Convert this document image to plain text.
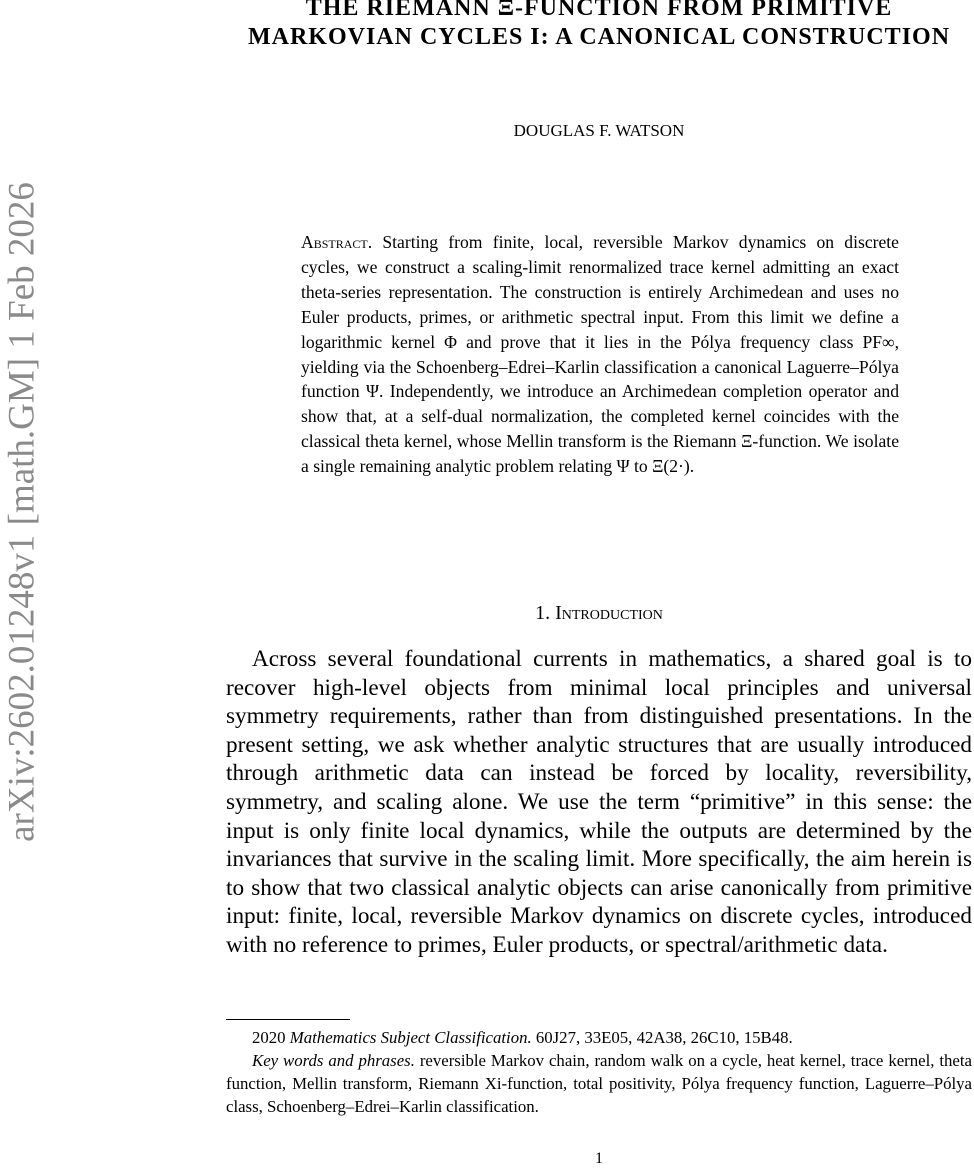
arXiv:2602.01248v1 [math.GM] 1 Feb 2026
THE RIEMANN Ξ-FUNCTION FROM PRIMITIVE MARKOVIAN CYCLES I: A CANONICAL CONSTRUCTION
DOUGLAS F. WATSON

Abstract. Starting from finite, local, reversible Markov dynamics on discrete cycles, we construct a scaling-limit renormalized trace kernel admitting an exact theta-series representation. The construction is entirely Archimedean and uses no Euler products, primes, or arithmetic spectral input. From this limit we define a logarithmic kernel Φ and prove that it lies in the Pólya frequency class PF∞, yielding via the Schoenberg–Edrei–Karlin classification a canonical Laguerre–Pólya function Ψ. Independently, we introduce an Archimedean completion operator and show that, at a self-dual normalization, the completed kernel coincides with the classical theta kernel, whose Mellin transform is the Riemann Ξ-function. We isolate a single remaining analytic problem relating Ψ to Ξ(2·).

1. Introduction

Across several foundational currents in mathematics, a shared goal is to recover high-level objects from minimal local principles and universal symmetry requirements, rather than from distinguished presentations. In the present setting, we ask whether analytic structures that are usually introduced through arithmetic data can instead be forced by locality, reversibility, symmetry, and scaling alone. We use the term “primitive” in this sense: the input is only finite local dynamics, while the outputs are determined by the invariances that survive in the scaling limit. More specifically, the aim herein is to show that two classical analytic objects can arise canonically from primitive input: finite, local, reversible Markov dynamics on discrete cycles, introduced with no reference to primes, Euler products, or spectral/arithmetic data.

2020 Mathematics Subject Classification. 60J27, 33E05, 42A38, 26C10, 15B48.

Key words and phrases. reversible Markov chain, random walk on a cycle, heat kernel, trace kernel, theta function, Mellin transform, Riemann Xi-function, total positivity, Pólya frequency function, Laguerre–Pólya class, Schoenberg–Edrei–Karlin classification.

1
